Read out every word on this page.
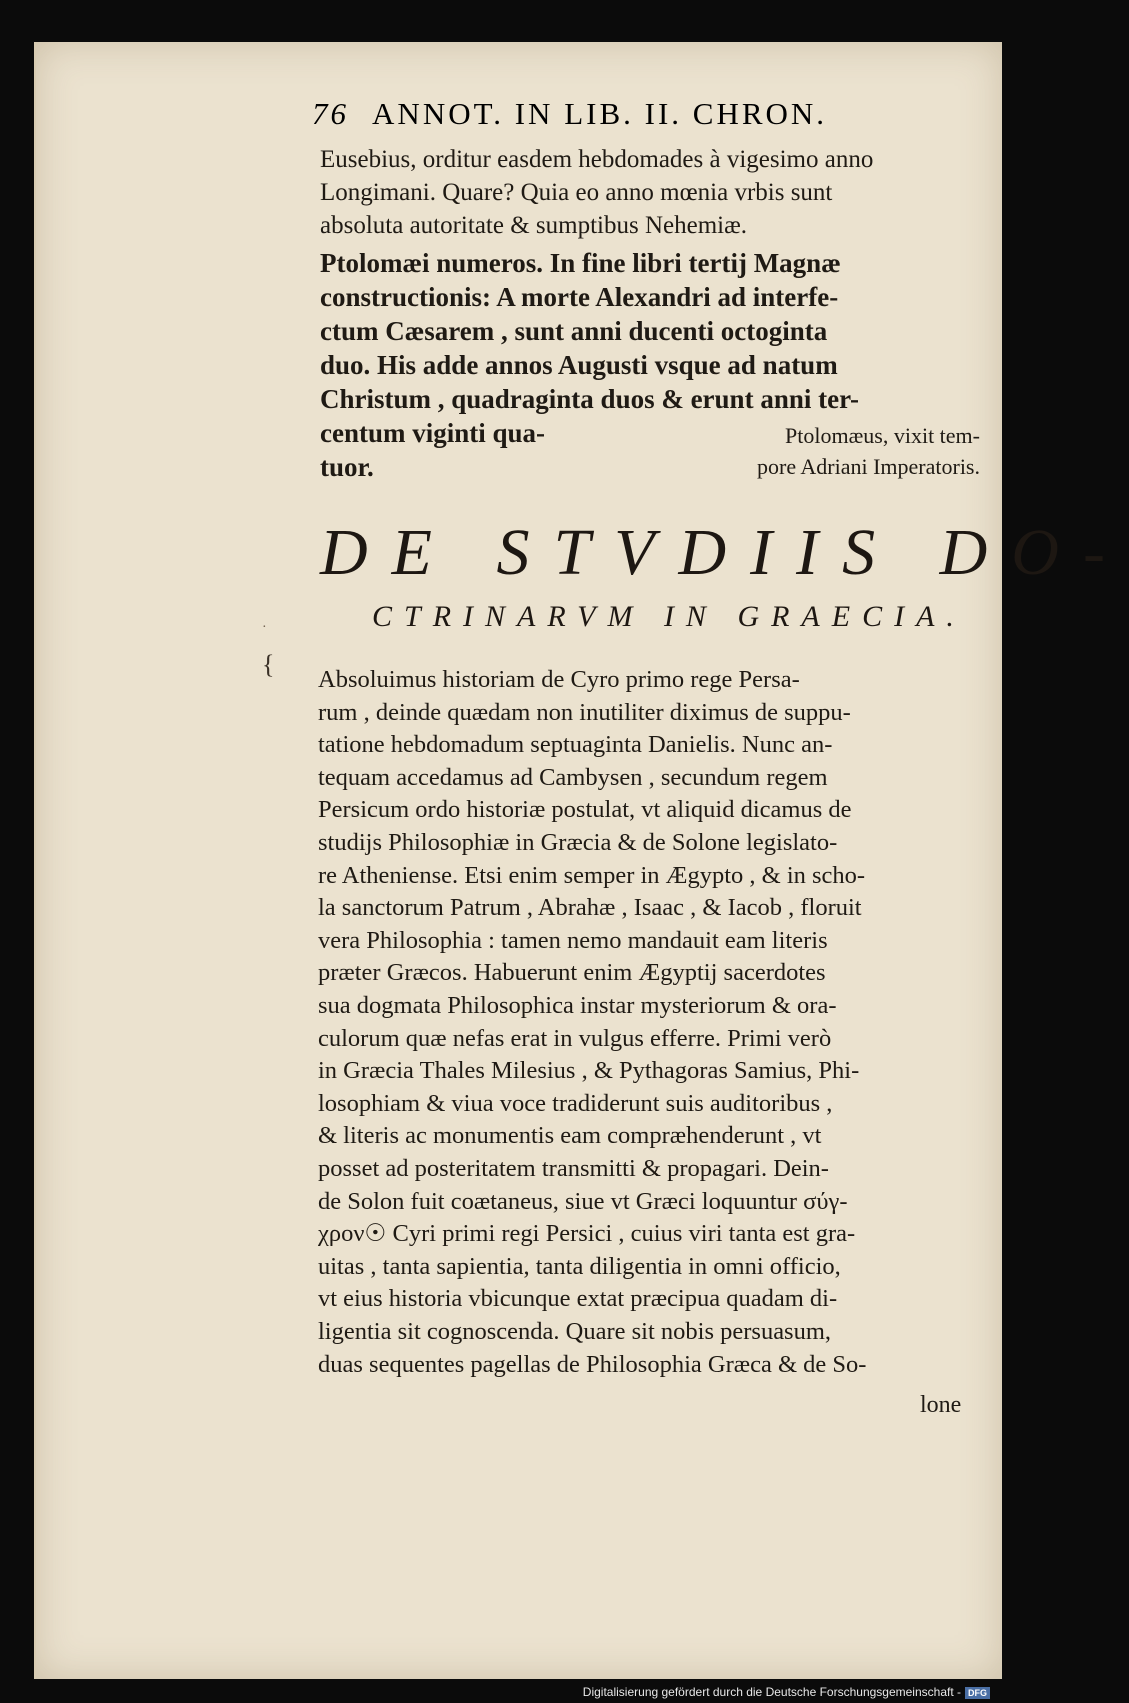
76 ANNOT. IN LIB. II. CHRON.
Eusebius, orditur easdem hebdomades à vigesimo anno
Longimani. Quare? Quia eo anno mœnia vrbis sunt
absoluta autoritate & sumptibus Nehemiæ.
Ptolomæi numeros. In fine libri tertij Magnæ
constructionis: A morte Alexandri ad interfe-
ctum Cæsarem , sunt anni ducenti octoginta
duo. His adde annos Augusti vsque ad natum
Christum , quadraginta duos & erunt anni ter-
centum viginti qua-
tuor.
Ptolomæus, vixit tem-
pore Adriani Imperatoris.
DE STVDIIS DO-
CTRINARVM IN GRAECIA.
·
{
Absoluimus historiam de Cyro primo rege Persa-
rum , deinde quædam non inutiliter diximus de suppu-
tatione hebdomadum septuaginta Danielis. Nunc an-
tequam accedamus ad Cambysen , secundum regem
Persicum ordo historiæ postulat, vt aliquid dicamus de
studijs Philosophiæ in Græcia & de Solone legislato-
re Atheniense. Etsi enim semper in Ægypto , & in scho-
la sanctorum Patrum , Abrahæ , Isaac , & Iacob , floruit
vera Philosophia : tamen nemo mandauit eam literis
præter Græcos. Habuerunt enim Ægyptij sacerdotes
sua dogmata Philosophica instar mysteriorum & ora-
culorum quæ nefas erat in vulgus efferre. Primi verò
in Græcia Thales Milesius , & Pythagoras Samius, Phi-
losophiam & viua voce tradiderunt suis auditoribus ,
& literis ac monumentis eam compræhenderunt , vt
posset ad posteritatem transmitti & propagari. Dein-
de Solon fuit coætaneus, siue vt Græci loquuntur σύγ-
χρον☉ Cyri primi regi Persici , cuius viri tanta est gra-
uitas , tanta sapientia, tanta diligentia in omni officio,
vt eius historia vbicunque extat præcipua quadam di-
ligentia sit cognoscenda. Quare sit nobis persuasum,
duas sequentes pagellas de Philosophia Græca & de So-
lone
Digitalisierung gefördert durch die Deutsche Forschungsgemeinschaft - DFG
